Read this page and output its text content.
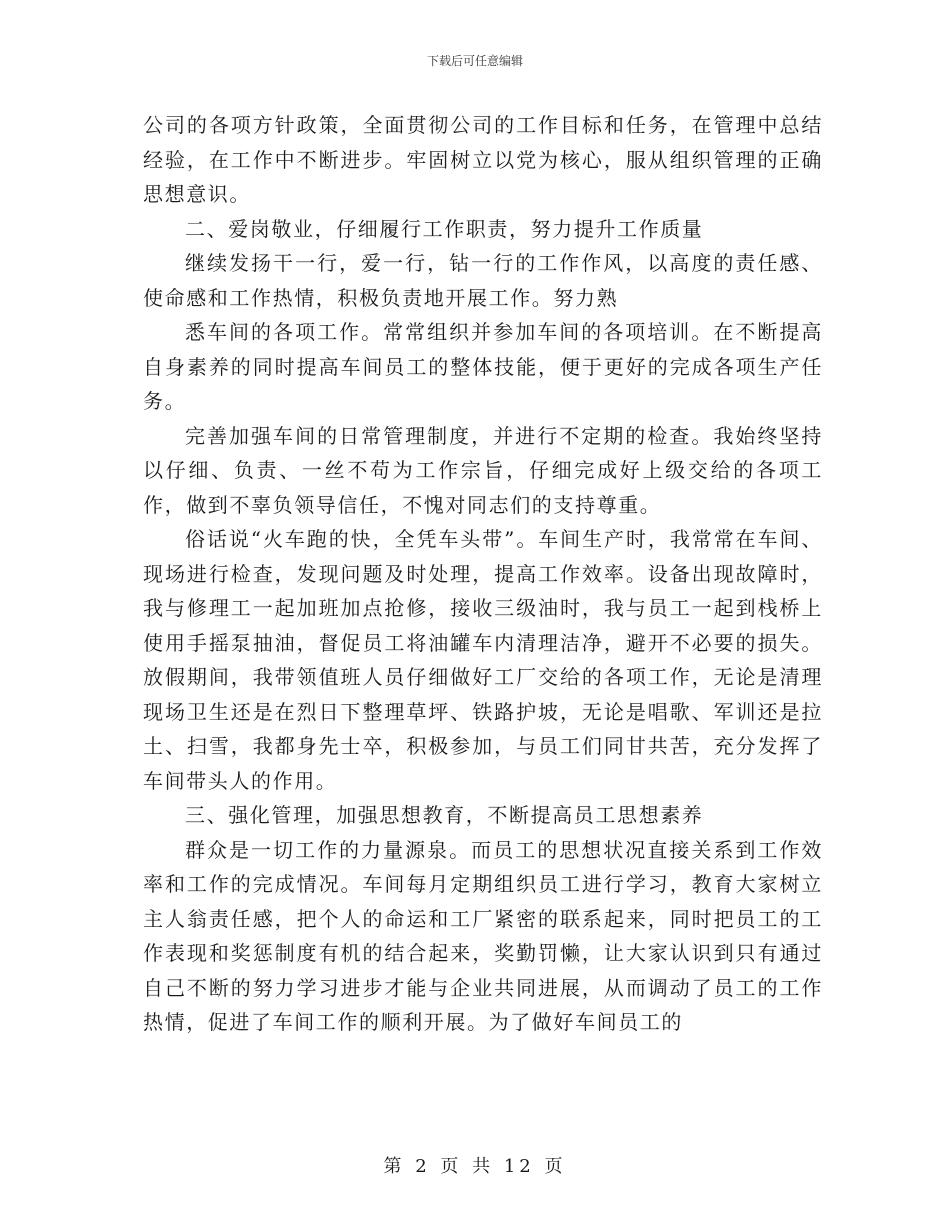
下载后可任意编辑

公司的各项方针政策，全面贯彻公司的工作目标和任务，在管理中总结经验，在工作中不断进步。牢固树立以党为核心，服从组织管理的正确思想意识。

二、爱岗敬业，仔细履行工作职责，努力提升工作质量

继续发扬干一行，爱一行，钻一行的工作作风，以高度的责任感、使命感和工作热情，积极负责地开展工作。努力熟

悉车间的各项工作。常常组织并参加车间的各项培训。在不断提高自身素养的同时提高车间员工的整体技能，便于更好的完成各项生产任务。

完善加强车间的日常管理制度，并进行不定期的检查。我始终坚持以仔细、负责、一丝不苟为工作宗旨，仔细完成好上级交给的各项工作，做到不辜负领导信任，不愧对同志们的支持尊重。

俗话说“火车跑的快，全凭车头带”。车间生产时，我常常在车间、现场进行检查，发现问题及时处理，提高工作效率。设备出现故障时，我与修理工一起加班加点抢修，接收三级油时，我与员工一起到栈桥上使用手摇泵抽油，督促员工将油罐车内清理洁净，避开不必要的损失。放假期间，我带领值班人员仔细做好工厂交给的各项工作，无论是清理现场卫生还是在烈日下整理草坪、铁路护坡，无论是唱歌、军训还是拉土、扫雪，我都身先士卒，积极参加，与员工们同甘共苦，充分发挥了车间带头人的作用。

三、强化管理，加强思想教育，不断提高员工思想素养

群众是一切工作的力量源泉。而员工的思想状况直接关系到工作效率和工作的完成情况。车间每月定期组织员工进行学习，教育大家树立主人翁责任感，把个人的命运和工厂紧密的联系起来，同时把员工的工作表现和奖惩制度有机的结合起来，奖勤罚懒，让大家认识到只有通过自己不断的努力学习进步才能与企业共同进展，从而调动了员工的工作热情，促进了车间工作的顺利开展。为了做好车间员工的

第 2 页 共 12 页
